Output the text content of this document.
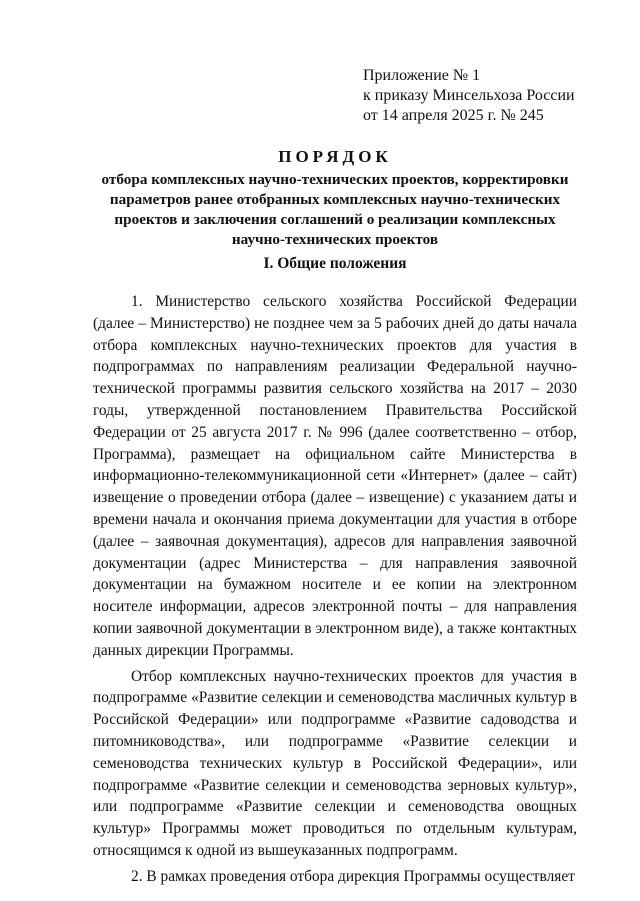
Приложение № 1
к приказу Минсельхоза России
от 14 апреля 2025 г. № 245
ПОРЯДОК
отбора комплексных научно-технических проектов, корректировки параметров ранее отобранных комплексных научно-технических проектов и заключения соглашений о реализации комплексных научно-технических проектов
I. Общие положения

1. Министерство сельского хозяйства Российской Федерации (далее – Министерство) не позднее чем за 5 рабочих дней до даты начала отбора комплексных научно-технических проектов для участия в подпрограммах по направлениям реализации Федеральной научно-технической программы развития сельского хозяйства на 2017 – 2030 годы, утвержденной постановлением Правительства Российской Федерации от 25 августа 2017 г. № 996 (далее соответственно – отбор, Программа), размещает на официальном сайте Министерства в информационно-телекоммуникационной сети «Интернет» (далее – сайт) извещение о проведении отбора (далее – извещение) с указанием даты и времени начала и окончания приема документации для участия в отборе (далее – заявочная документация), адресов для направления заявочной документации (адрес Министерства – для направления заявочной документации на бумажном носителе и ее копии на электронном носителе информации, адресов электронной почты – для направления копии заявочной документации в электронном виде), а также контактных данных дирекции Программы.

Отбор комплексных научно-технических проектов для участия в подпрограмме «Развитие селекции и семеноводства масличных культур в Российской Федерации» или подпрограмме «Развитие садоводства и питомниководства», или подпрограмме «Развитие селекции и семеноводства технических культур в Российской Федерации», или подпрограмме «Развитие селекции и семеноводства зерновых культур», или подпрограмме «Развитие селекции и семеноводства овощных культур» Программы может проводиться по отдельным культурам, относящимся к одной из вышеуказанных подпрограмм.

2. В рамках проведения отбора дирекция Программы осуществляет
